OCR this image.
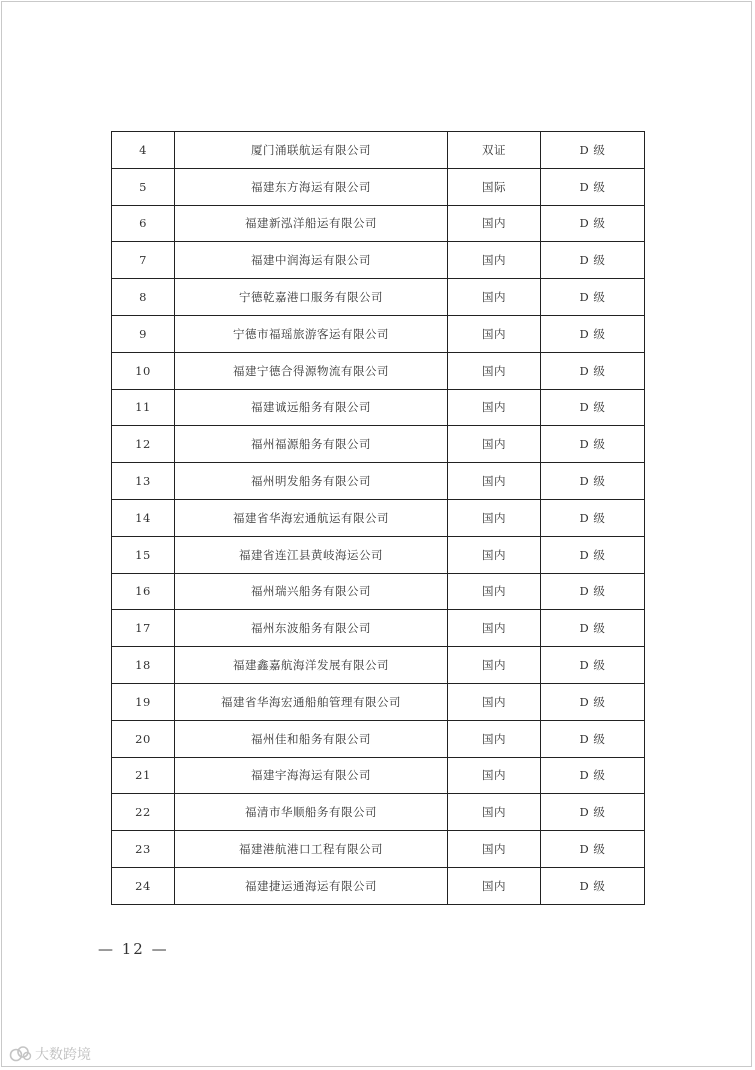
4	厦门涌联航运有限公司	双证	D 级
5	福建东方海运有限公司	国际	D 级
6	福建新泓洋船运有限公司	国内	D 级
7	福建中润海运有限公司	国内	D 级
8	宁德乾嘉港口服务有限公司	国内	D 级
9	宁德市福瑶旅游客运有限公司	国内	D 级
10	福建宁德合得源物流有限公司	国内	D 级
11	福建诚远船务有限公司	国内	D 级
12	福州福源船务有限公司	国内	D 级
13	福州明发船务有限公司	国内	D 级
14	福建省华海宏通航运有限公司	国内	D 级
15	福建省连江县黄岐海运公司	国内	D 级
16	福州瑞兴船务有限公司	国内	D 级
17	福州东波船务有限公司	国内	D 级
18	福建鑫嘉航海洋发展有限公司	国内	D 级
19	福建省华海宏通船舶管理有限公司	国内	D 级
20	福州佳和船务有限公司	国内	D 级
21	福建宇海海运有限公司	国内	D 级
22	福清市华顺船务有限公司	国内	D 级
23	福建港航港口工程有限公司	国内	D 级
24	福建捷运通海运有限公司	国内	D 级
— 12 —
大数跨境
